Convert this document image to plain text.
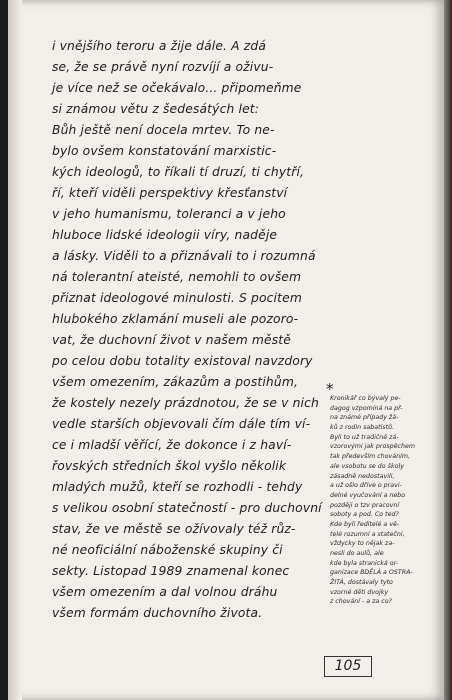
i vnějšího teroru a žije dále. A zdá
se, že se právě nyní rozvíjí a oživu-
je více než se očekávalo... připomeňme
si známou větu z šedesátých let:
Bůh ještě není docela mrtev. To ne-
bylo ovšem konstatování marxistic-
kých ideologů, to říkali tí druzí, ti chytří,
ří, kteří viděli perspektivy křesťanství
v jeho humanismu, toleranci a v jeho
hluboce lidské ideologii víry, naděje
a lásky. Viděli to a přiznávali to i rozumná
ná tolerantní ateisté, nemohli to ovšem
přiznat ideologové minulosti. S pocitem
hlubokého zklamání museli ale pozoro-
vat, že duchovní život v našem městě
po celou dobu totality existoval navzdory
všem omezením, zákazům a postihům,
že kostely nezely prázdnotou, že se v nich
vedle starších objevovali čím dále tím ví-
ce i mladší věřící, že dokonce i z haví-
řovských středních škol vyšlo několik
mladých mužů, kteří se rozhodli - tehdy
s velikou osobní statečností - pro duchovní
stav, že ve městě se ožívovaly též růz-
né neoficiální náboženské skupiny či
sekty. Listopad 1989 znamenal konec
všem omezením a dal volnou dráhu
všem formám duchovního života.
*
Kronikář co bývalý pe-
dagog vzpomíná na př-
na známé případy žá-
ků z rodin sabatistů.
Byli to už tradičně zá-
vzorovými jak prospěchem
tak především chováním,
ale vsobotu se do školy
zásadně nedostavili,
a už ošlo dříve o pravi-
delné vyučování a nebo
později o tzv pracovní
soboty a pod. Co ted?
Kde byli ředitelé a vě-
telé rozumní a statečni,
vždycky to nějak za-
nesli do aulů, ale
kde byla stranická or-
ganizace BDĚLÁ a OSTRA-
ŽITÁ, dostávaly tyto
vzorné děti dvojky
z chování - a za co?
105
